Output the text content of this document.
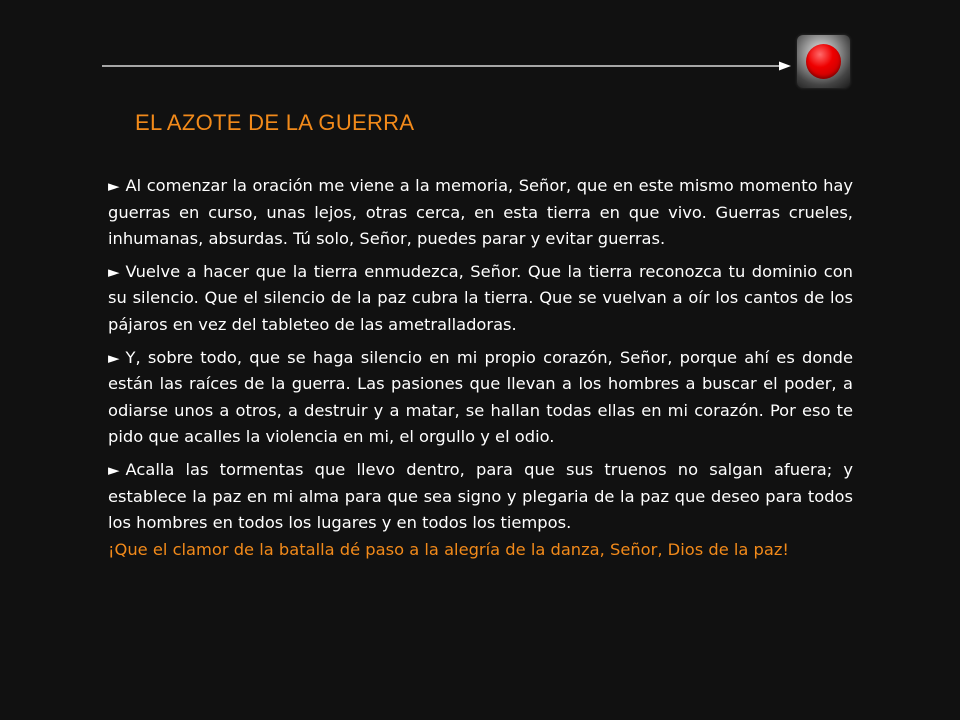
EL AZOTE DE LA GUERRA

► Al comenzar la oración me viene a la memoria, Señor, que en este mismo momento hay guerras en curso, unas lejos, otras cerca, en esta tierra en que vivo. Guerras crueles, inhumanas, absurdas. Tú solo, Señor, puedes parar y evitar guerras.

► Vuelve a hacer que la tierra enmudezca, Señor. Que la tierra reconozca tu dominio con su silencio. Que el silencio de la paz cubra la tierra. Que se vuelvan a oír los cantos de los pájaros en vez del tableteo de las ametralladoras.

► Y, sobre todo, que se haga silencio en mi propio corazón, Señor, porque ahí es donde están las raíces de la guerra. Las pasiones que llevan a los hombres a buscar el poder, a odiarse unos a otros, a destruir y a matar, se hallan todas ellas en mi corazón. Por eso te pido que acalles la violencia en mi, el orgullo y el odio.

► Acalla las tormentas que llevo dentro, para que sus truenos no salgan afuera; y establece la paz en mi alma para que sea signo y plegaria de la paz que deseo para todos los hombres en todos los lugares y en todos los tiempos.

¡Que el clamor de la batalla dé paso a la alegría de la danza, Señor, Dios de la paz!
